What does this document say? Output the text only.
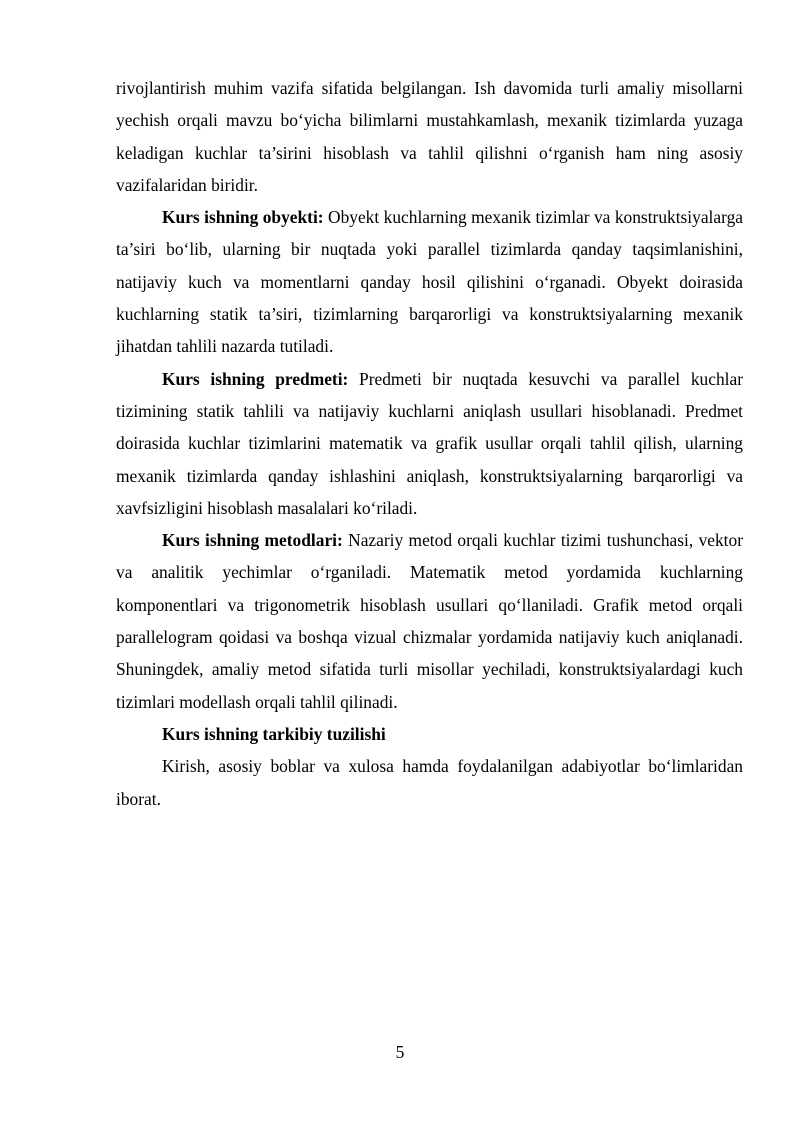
rivojlantirish muhim vazifa sifatida belgilangan. Ish davomida turli amaliy misollarni yechish orqali mavzu bo‘yicha bilimlarni mustahkamlash, mexanik tizimlarda yuzaga keladigan kuchlar ta’sirini hisoblash va tahlil qilishni o‘rganish ham ning asosiy vazifalaridan biridir.

Kurs ishning obyekti: Obyekt kuchlarning mexanik tizimlar va konstruktsiyalarga ta’siri bo‘lib, ularning bir nuqtada yoki parallel tizimlarda qanday taqsimlanishini, natijaviy kuch va momentlarni qanday hosil qilishini o‘rganadi. Obyekt doirasida kuchlarning statik ta’siri, tizimlarning barqarorligi va konstruktsiyalarning mexanik jihatdan tahlili nazarda tutiladi.

Kurs ishning predmeti: Predmeti bir nuqtada kesuvchi va parallel kuchlar tizimining statik tahlili va natijaviy kuchlarni aniqlash usullari hisoblanadi. Predmet doirasida kuchlar tizimlarini matematik va grafik usullar orqali tahlil qilish, ularning mexanik tizimlarda qanday ishlashini aniqlash, konstruktsiyalarning barqarorligi va xavfsizligini hisoblash masalalari ko‘riladi.

Kurs ishning metodlari: Nazariy metod orqali kuchlar tizimi tushunchasi, vektor va analitik yechimlar o‘rganiladi. Matematik metod yordamida kuchlarning komponentlari va trigonometrik hisoblash usullari qo‘llaniladi. Grafik metod orqali parallelogram qoidasi va boshqa vizual chizmalar yordamida natijaviy kuch aniqlanadi. Shuningdek, amaliy metod sifatida turli misollar yechiladi, konstruktsiyalardagi kuch tizimlari modellash orqali tahlil qilinadi.

Kurs ishning tarkibiy tuzilishi

Kirish, asosiy boblar va xulosa hamda foydalanilgan adabiyotlar bo‘limlaridan iborat.

5
